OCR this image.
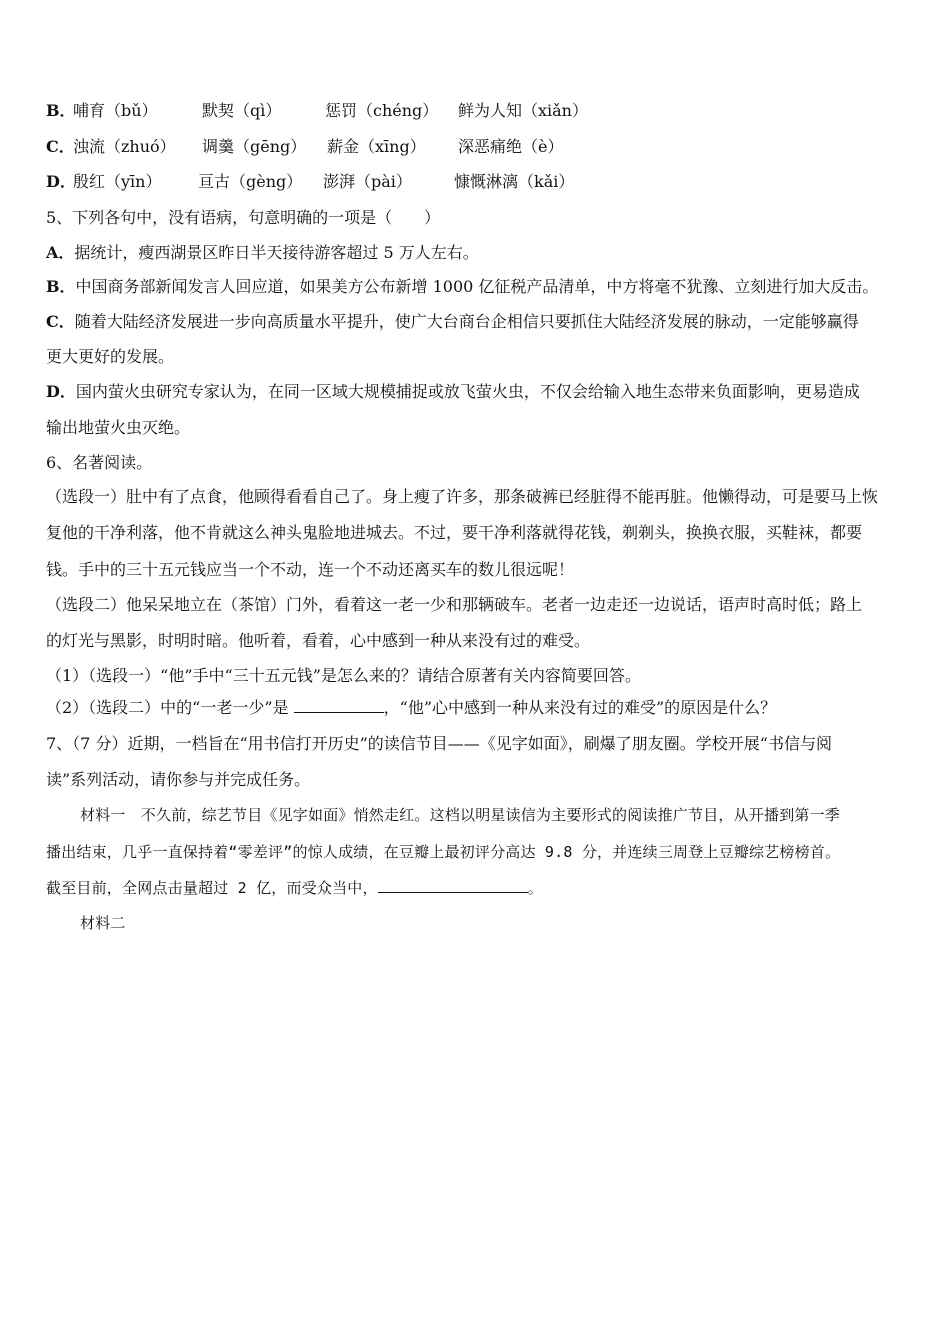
B．
哺育（bǔ）	默契（qì）	惩罚（chéng） 鲜为人知（xiǎn）
C．
浊流（zhuó） 调羹（gēng） 薪金（xīng） 深恶痛绝（è）
D．
殷红（yīn） 亘古（gèng） 澎湃（pài）	慷慨淋漓（kǎi）
5、下列各句中，没有语病，句意明确的一项是（　　）
A．据统计，瘦西湖景区昨日半天接待游客超过 5 万人左右。
B．中国商务部新闻发言人回应道，如果美方公布新增 1000 亿征税产品清单，中方将毫不犹豫、立刻进行加大反击。
C．随着大陆经济发展进一步向高质量水平提升，使广大台商台企相信只要抓住大陆经济发展的脉动，一定能够赢得
更大更好的发展。
D．国内萤火虫研究专家认为，在同一区域大规模捕捉或放飞萤火虫，不仅会给输入地生态带来负面影响，更易造成
输出地萤火虫灭绝。
6、名著阅读。
（选段一）肚中有了点食，他顾得看看自己了。身上瘦了许多，那条破裤已经脏得不能再脏。他懒得动，可是要马上恢
复他的干净利落，他不肯就这么神头鬼脸地进城去。不过，要干净利落就得花钱，剃剃头，换换衣服，买鞋袜，都要
钱。手中的三十五元钱应当一个不动，连一个不动还离买车的数儿很远呢！
（选段二）他呆呆地立在（茶馆）门外，看着这一老一少和那辆破车。老者一边走还一边说话，语声时高时低；路上
的灯光与黑影，时明时暗。他听着，看着，心中感到一种从来没有过的难受。
（1）（选段一）“他”手中“三十五元钱”是怎么来的？请结合原著有关内容简要回答。
（2）（选段二）中的“一老一少”是	，“他”心中感到一种从来没有过的难受”的原因是什么？
7、（7 分）近期，一档旨在“用书信打开历史”的读信节目——《见字如面》，刷爆了朋友圈。学校开展“书信与阅
读”系列活动，请你参与并完成任务。
材料一　不久前，综艺节目《见字如面》悄然走红。这档以明星读信为主要形式的阅读推广节目，从开播到第一季
播出结束，几乎一直保持着“零差评”的惊人成绩，在豆瓣上最初评分高达 9.8 分，并连续三周登上豆瓣综艺榜榜首。
截至目前，全网点击量超过 2 亿，而受众当中，	。
材料二
